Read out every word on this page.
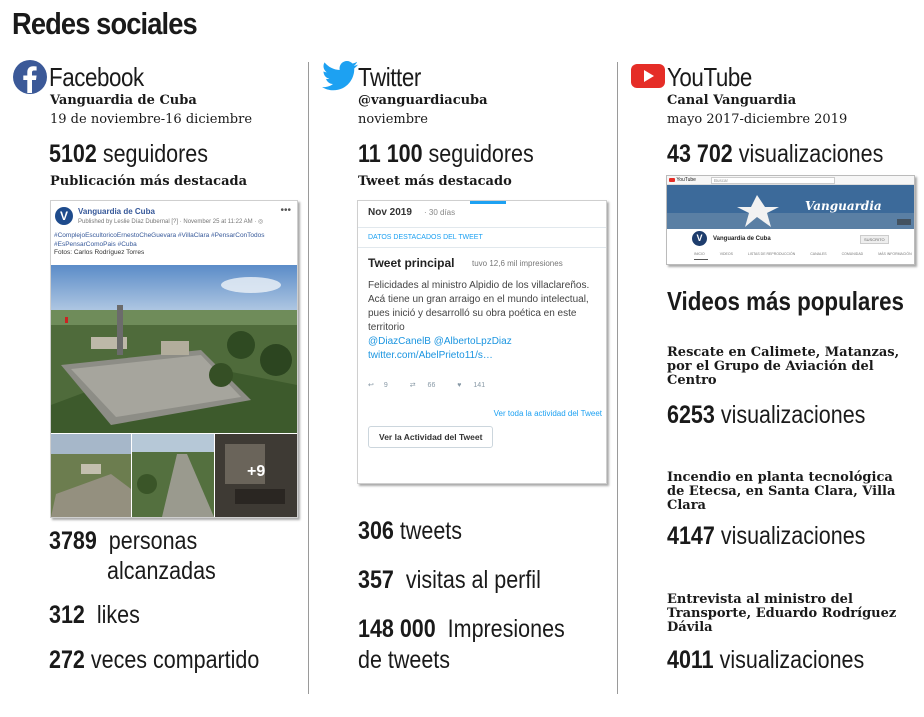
Redes sociales
Facebook
Vanguardia de Cuba
19 de noviembre-16 diciembre
5102 seguidores
Publicación más destacada
V	Vanguardia de Cuba
Published by Leslie Díaz Dubernal [?] · November 25 at 11:22 AM · ◎
•••
#ComplejoEscultoricoErnestoCheGuevara #VillaClara #PensarConTodos #EsPensarComoPais #Cuba
Fotos: Carlos Rodríguez Torres
+9
3789 personas
alcanzadas
312 likes
272 veces compartido
Twitter
@vanguardiacuba
noviembre
11 100 seguidores
Tweet más destacado
Nov 2019 · 30 días
DATOS DESTACADOS DEL TWEET
Tweet principal tuvo 12,6 mil impresiones
Felicidades al ministro Alpidio de los villaclareños. Acá tiene un gran arraigo en el mundo intelectual, pues inició y desarrolló su obra poética en este territorio
@DiazCanelB @AlbertoLpzDiaz
twitter.com/AbelPrieto11/s…
↩ 9	⇄ 66	♥ 141
Ver toda la actividad del Tweet
Ver la Actividad del Tweet
306 tweets
357 visitas al perfil
148 000 Impresiones
de tweets
YouTube
Canal Vanguardia
mayo 2017-diciembre 2019
43 702 visualizaciones
YouTube	Buscar
Vanguardia
V	Vanguardia de Cuba	SUSCRITO
INICIO	VIDEOS	LISTAS DE REPRODUCCIÓN	CANALES	COMUNIDAD	MÁS INFORMACIÓN
Videos más populares
Rescate en Calimete, Matanzas, por el Grupo de Aviación del Centro
6253 visualizaciones
Incendio en planta tecnológica de Etecsa, en Santa Clara, Villa Clara
4147 visualizaciones
Entrevista al ministro del Transporte, Eduardo Rodríguez Dávila
4011 visualizaciones
